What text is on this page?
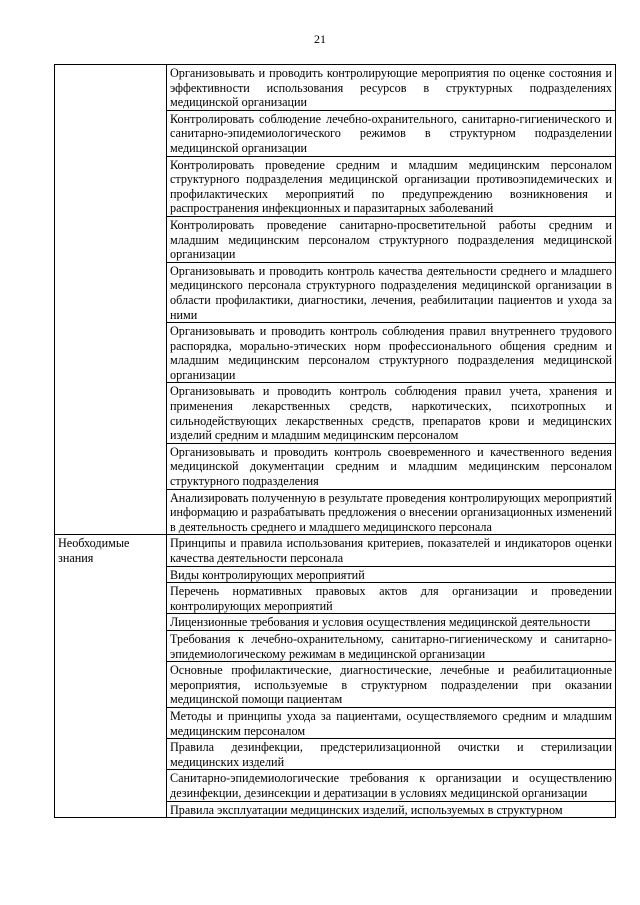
21
	Организовывать и проводить контролирующие мероприятия по оценке состояния и эффективности использования ресурсов в структурных подразделениях медицинской организации
	Контролировать соблюдение лечебно-охранительного, санитарно-гигиенического и санитарно-эпидемиологического режимов в структурном подразделении медицинской организации
	Контролировать проведение средним и младшим медицинским персоналом структурного подразделения медицинской организации противоэпидемических и профилактических мероприятий по предупреждению возникновения и распространения инфекционных и паразитарных заболеваний
	Контролировать проведение санитарно-просветительной работы средним и младшим медицинским персоналом структурного подразделения медицинской организации
	Организовывать и проводить контроль качества деятельности среднего и младшего медицинского персонала структурного подразделения медицинской организации в области профилактики, диагностики, лечения, реабилитации пациентов и ухода за ними
	Организовывать и проводить контроль соблюдения правил внутреннего трудового распорядка, морально-этических норм профессионального общения средним и младшим медицинским персоналом структурного подразделения медицинской организации
	Организовывать и проводить контроль соблюдения правил учета, хранения и применения лекарственных средств, наркотических, психотропных и сильнодействующих лекарственных средств, препаратов крови и медицинских изделий средним и младшим медицинским персоналом
	Организовывать и проводить контроль своевременного и качественного ведения медицинской документации средним и младшим медицинским персоналом структурного подразделения
	Анализировать полученную в результате проведения контролирующих мероприятий информацию и разрабатывать предложения о внесении организационных изменений в деятельность среднего и младшего медицинского персонала
Необходимые знания	Принципы и правила использования критериев, показателей и индикаторов оценки качества деятельности персонала
	Виды контролирующих мероприятий
	Перечень нормативных правовых актов для организации и проведении контролирующих мероприятий
	Лицензионные требования и условия осуществления медицинской деятельности
	Требования к лечебно-охранительному, санитарно-гигиеническому и санитарно-эпидемиологическому режимам в медицинской организации
	Основные профилактические, диагностические, лечебные и реабилитационные мероприятия, используемые в структурном подразделении при оказании медицинской помощи пациентам
	Методы и принципы ухода за пациентами, осуществляемого средним и младшим медицинским персоналом
	Правила дезинфекции, предстерилизационной очистки и стерилизации медицинских изделий
	Санитарно-эпидемиологические требования к организации и осуществлению дезинфекции, дезинсекции и дератизации в условиях медицинской организации
	Правила эксплуатации медицинских изделий, используемых в структурном
